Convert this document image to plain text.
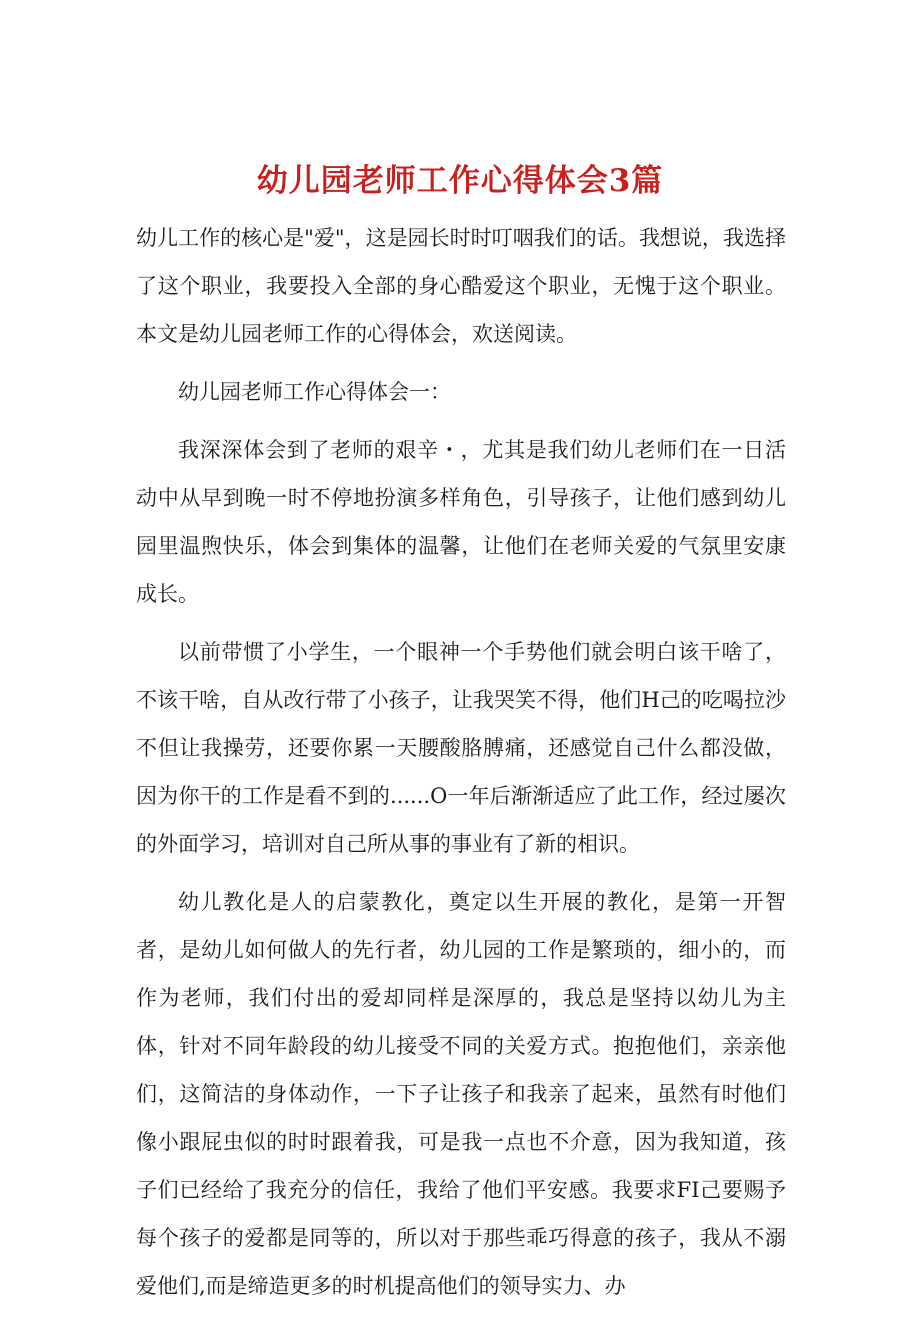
幼儿园老师工作心得体会3篇

幼儿工作的核心是"爱"，这是园长时时叮咽我们的话。我想说，我选择了这个职业，我要投入全部的身心酷爱这个职业，无愧于这个职业。本文是幼儿园老师工作的心得体会，欢送阅读。

幼儿园老师工作心得体会一：

我深深体会到了老师的艰辛・，尤其是我们幼儿老师们在一日活动中从早到晚一时不停地扮演多样角色，引导孩子，让他们感到幼儿园里温煦快乐，体会到集体的温馨，让他们在老师关爱的气氛里安康成长。

以前带惯了小学生，一个眼神一个手势他们就会明白该干啥了，不该干啥，自从改行带了小孩子，让我哭笑不得，他们H己的吃喝拉沙不但让我操劳，还要你累一天腰酸胳膊痛，还感觉自己什么都没做，因为你干的工作是看不到的......O一年后渐渐适应了此工作，经过屡次的外面学习，培训对自己所从事的事业有了新的相识。

幼儿教化是人的启蒙教化，奠定以生开展的教化，是第一开智者，是幼儿如何做人的先行者，幼儿园的工作是繁琐的，细小的，而作为老师，我们付出的爱却同样是深厚的，我总是坚持以幼儿为主体，针对不同年龄段的幼儿接受不同的关爱方式。抱抱他们，亲亲他们，这简洁的身体动作，一下子让孩子和我亲了起来，虽然有时他们像小跟屁虫似的时时跟着我，可是我一点也不介意，因为我知道，孩子们已经给了我充分的信任，我给了他们平安感。我要求FI己要赐予每个孩子的爱都是同等的，所以对于那些乖巧得意的孩子，我从不溺爱他们,而是缔造更多的时机提高他们的领导实力、办
